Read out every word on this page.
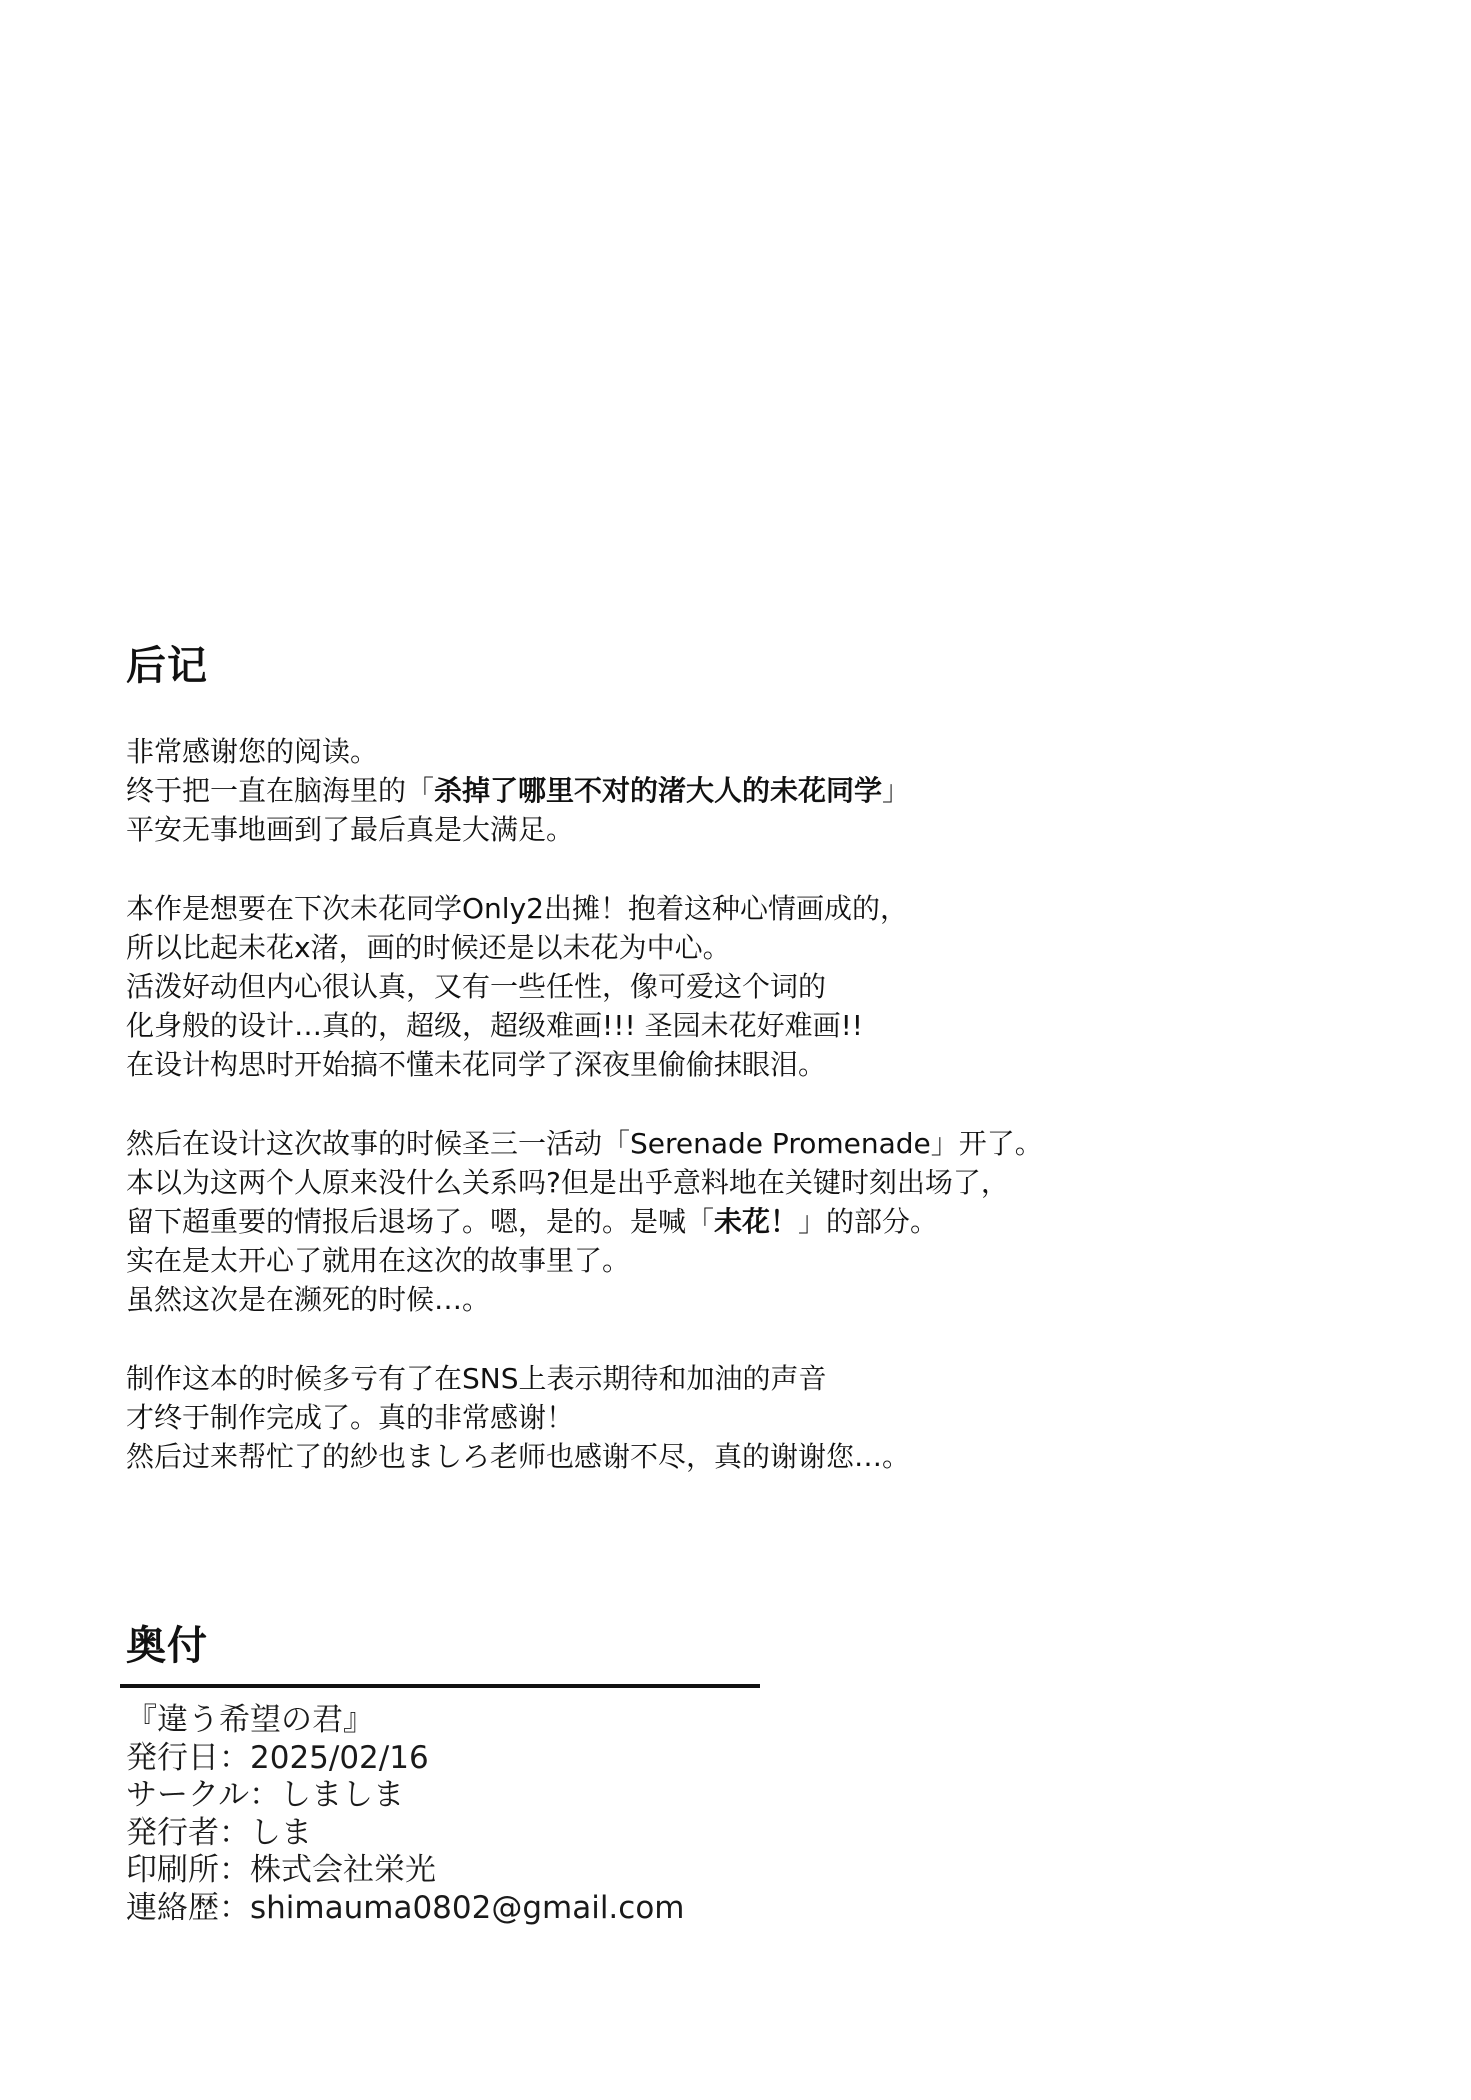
后记
非常感谢您的阅读。
终于把一直在脑海里的「杀掉了哪里不对的渚大人的未花同学」
平安无事地画到了最后真是大满足。
本作是想要在下次未花同学Only2出摊！抱着这种心情画成的，
所以比起未花x渚，画的时候还是以未花为中心。
活泼好动但内心很认真，又有一些任性，像可爱这个词的
化身般的设计…真的，超级，超级难画!!! 圣园未花好难画!!
在设计构思时开始搞不懂未花同学了深夜里偷偷抹眼泪。
然后在设计这次故事的时候圣三一活动「Serenade Promenade」开了。
本以为这两个人原来没什么关系吗?但是出乎意料地在关键时刻出场了，
留下超重要的情报后退场了。嗯，是的。是喊「未花！」的部分。
实在是太开心了就用在这次的故事里了。
虽然这次是在濒死的时候…。
制作这本的时候多亏有了在SNS上表示期待和加油的声音
才终于制作完成了。真的非常感谢！
然后过来帮忙了的紗也ましろ老师也感谢不尽，真的谢谢您…。
奥付
『違う希望の君』
発行日：2025/02/16
サークル：しましま
発行者：しま
印刷所：株式会社栄光
連絡歴：shimauma0802@gmail.com
